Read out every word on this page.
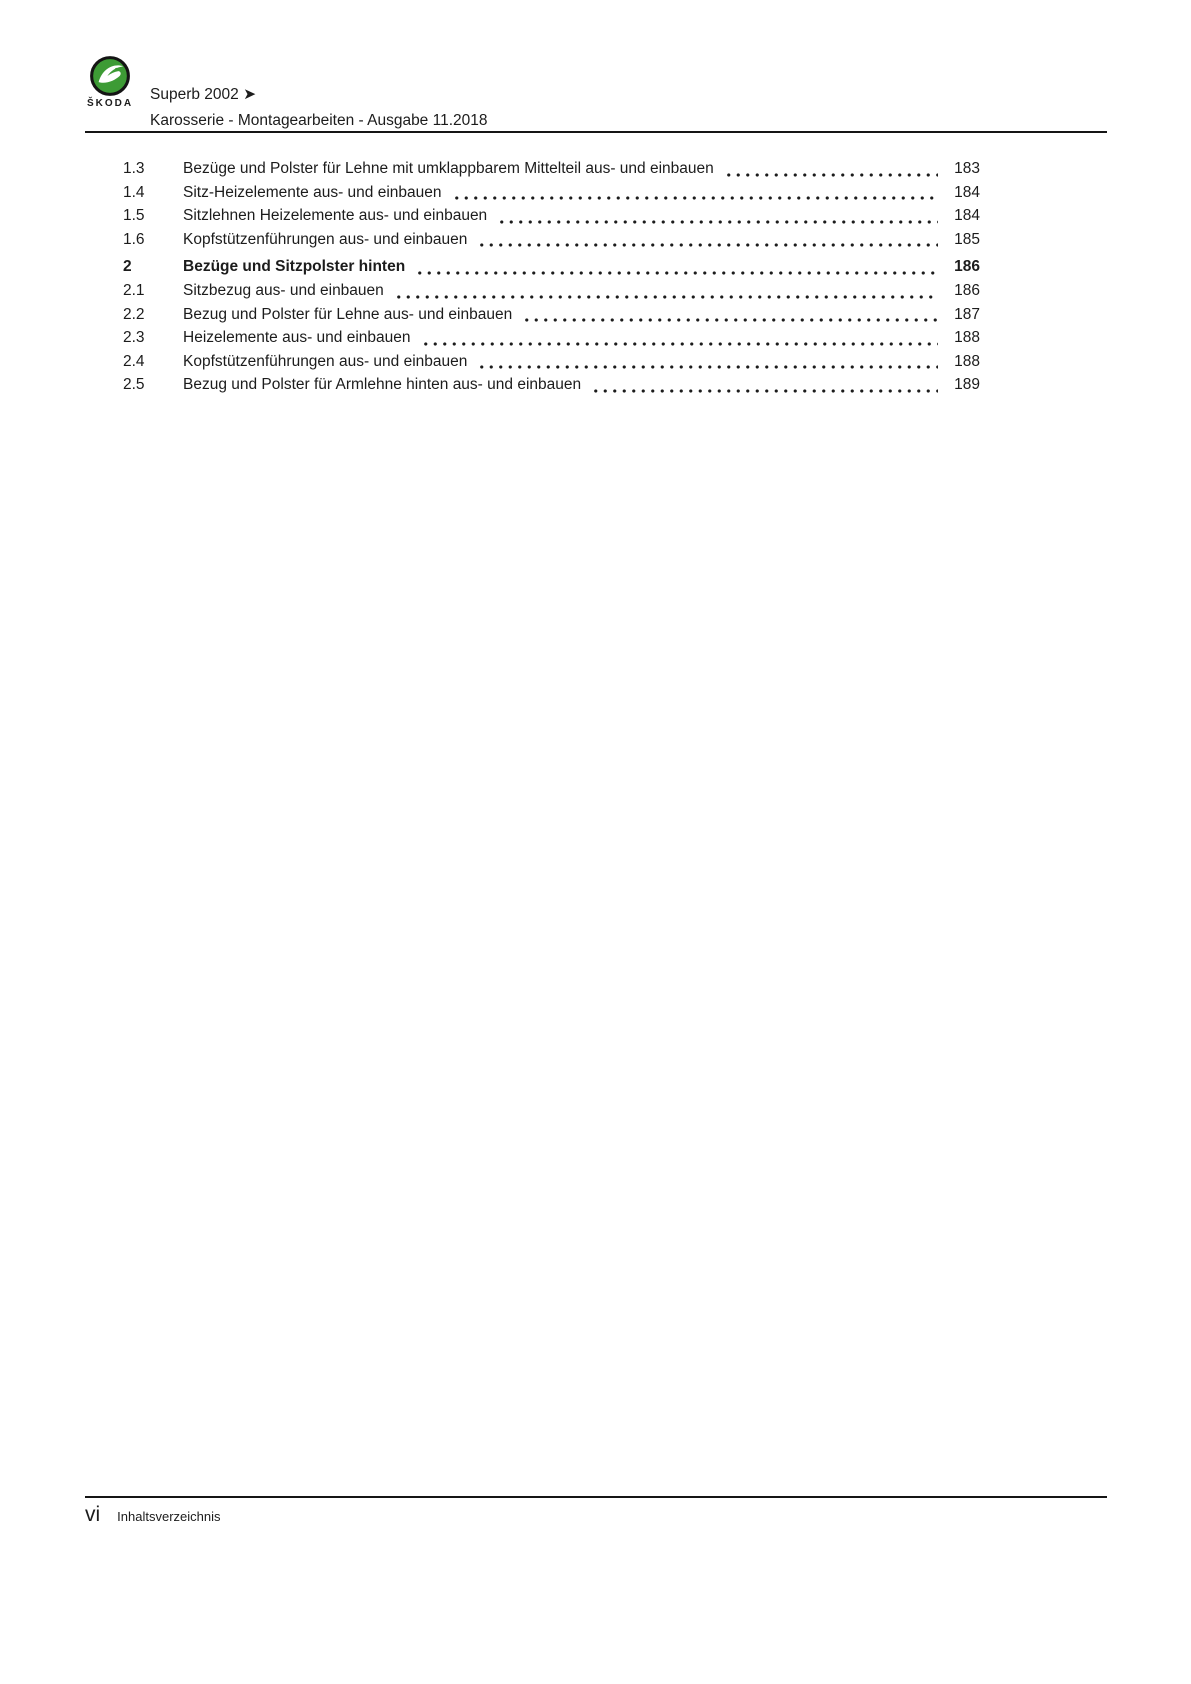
ŠKODA
Superb 2002 ➤
Karosserie - Montagearbeiten - Ausgabe 11.2018
1.3	Bezüge und Polster für Lehne mit umklappbarem Mittelteil aus- und einbauen	183
1.4	Sitz-Heizelemente aus- und einbauen	184
1.5	Sitzlehnen Heizelemente aus- und einbauen	184
1.6	Kopfstützenführungen aus- und einbauen	185
2	Bezüge und Sitzpolster hinten	186
2.1	Sitzbezug aus- und einbauen	186
2.2	Bezug und Polster für Lehne aus- und einbauen	187
2.3	Heizelemente aus- und einbauen	188
2.4	Kopfstützenführungen aus- und einbauen	188
2.5	Bezug und Polster für Armlehne hinten aus- und einbauen	189
vi Inhaltsverzeichnis
